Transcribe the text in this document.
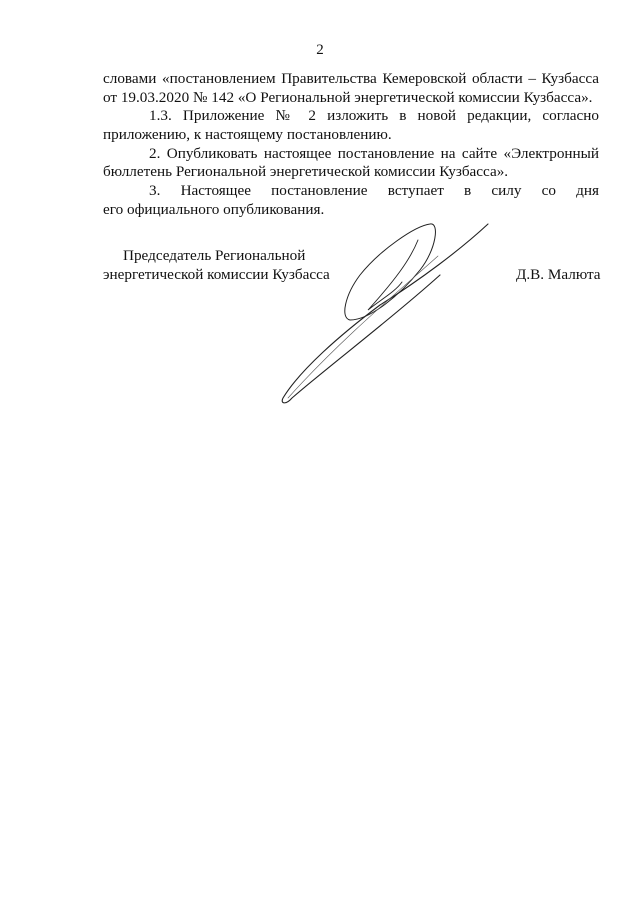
2
словами «постановлением Правительства Кемеровской области – Кузбасса
от 19.03.2020 № 142 «О Региональной энергетической комиссии Кузбасса».
1.3. Приложение № 2 изложить в новой редакции, согласно
приложению, к настоящему постановлению.
2. Опубликовать настоящее постановление на сайте «Электронный
бюллетень Региональной энергетической комиссии Кузбасса».
3. Настоящее постановление вступает в силу со дня
его официального опубликования.
Председатель Региональной
энергетической комиссии Кузбасса	Д.В. Малюта
